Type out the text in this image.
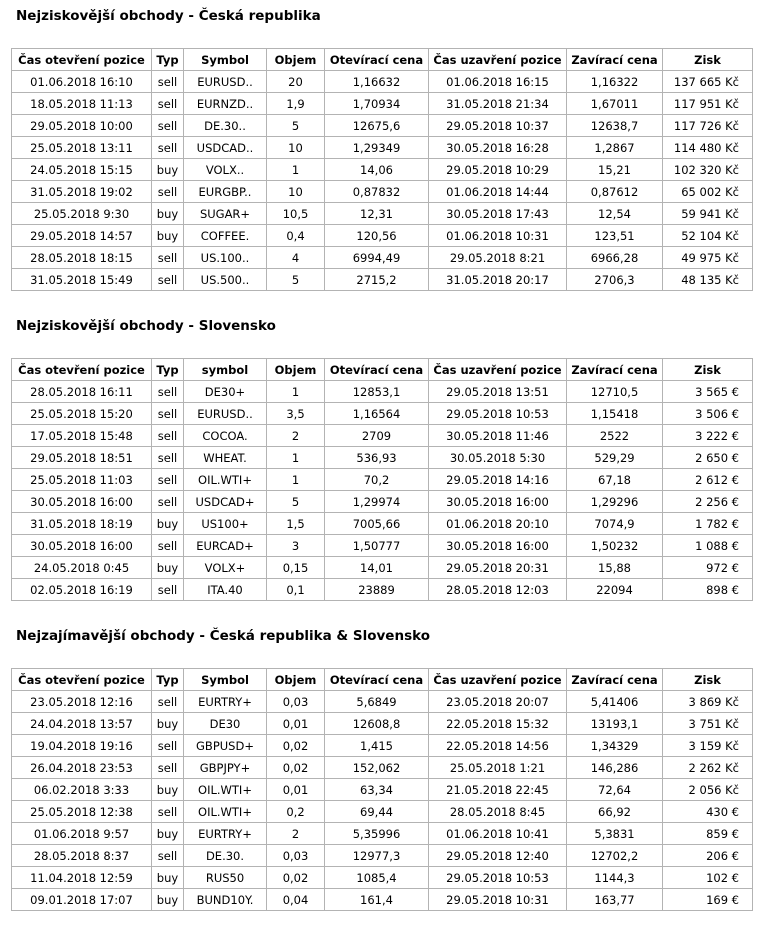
Nejziskovější obchody - Česká republika
Čas otevření pozice	Typ	Symbol	Objem	Otevírací cena	Čas uzavření pozice	Zavírací cena	Zisk
01.06.2018 16:10	sell	EURUSD..	20	1,16632	01.06.2018 16:15	1,16322	137 665 Kč
18.05.2018 11:13	sell	EURNZD..	1,9	1,70934	31.05.2018 21:34	1,67011	117 951 Kč
29.05.2018 10:00	sell	DE.30..	5	12675,6	29.05.2018 10:37	12638,7	117 726 Kč
25.05.2018 13:11	sell	USDCAD..	10	1,29349	30.05.2018 16:28	1,2867	114 480 Kč
24.05.2018 15:15	buy	VOLX..	1	14,06	29.05.2018 10:29	15,21	102 320 Kč
31.05.2018 19:02	sell	EURGBP..	10	0,87832	01.06.2018 14:44	0,87612	65 002 Kč
25.05.2018 9:30	buy	SUGAR+	10,5	12,31	30.05.2018 17:43	12,54	59 941 Kč
29.05.2018 14:57	buy	COFFEE.	0,4	120,56	01.06.2018 10:31	123,51	52 104 Kč
28.05.2018 18:15	sell	US.100..	4	6994,49	29.05.2018 8:21	6966,28	49 975 Kč
31.05.2018 15:49	sell	US.500..	5	2715,2	31.05.2018 20:17	2706,3	48 135 Kč
Nejziskovější obchody - Slovensko
Čas otevření pozice	Typ	symbol	Objem	Otevírací cena	Čas uzavření pozice	Zavírací cena	Zisk
28.05.2018 16:11	sell	DE30+	1	12853,1	29.05.2018 13:51	12710,5	3 565 €
25.05.2018 15:20	sell	EURUSD..	3,5	1,16564	29.05.2018 10:53	1,15418	3 506 €
17.05.2018 15:48	sell	COCOA.	2	2709	30.05.2018 11:46	2522	3 222 €
29.05.2018 18:51	sell	WHEAT.	1	536,93	30.05.2018 5:30	529,29	2 650 €
25.05.2018 11:03	sell	OIL.WTI+	1	70,2	29.05.2018 14:16	67,18	2 612 €
30.05.2018 16:00	sell	USDCAD+	5	1,29974	30.05.2018 16:00	1,29296	2 256 €
31.05.2018 18:19	buy	US100+	1,5	7005,66	01.06.2018 20:10	7074,9	1 782 €
30.05.2018 16:00	sell	EURCAD+	3	1,50777	30.05.2018 16:00	1,50232	1 088 €
24.05.2018 0:45	buy	VOLX+	0,15	14,01	29.05.2018 20:31	15,88	972 €
02.05.2018 16:19	sell	ITA.40	0,1	23889	28.05.2018 12:03	22094	898 €
Nejzajímavější obchody - Česká republika & Slovensko
Čas otevření pozice	Typ	Symbol	Objem	Otevírací cena	Čas uzavření pozice	Zavírací cena	Zisk
23.05.2018 12:16	sell	EURTRY+	0,03	5,6849	23.05.2018 20:07	5,41406	3 869 Kč
24.04.2018 13:57	buy	DE30	0,01	12608,8	22.05.2018 15:32	13193,1	3 751 Kč
19.04.2018 19:16	sell	GBPUSD+	0,02	1,415	22.05.2018 14:56	1,34329	3 159 Kč
26.04.2018 23:53	sell	GBPJPY+	0,02	152,062	25.05.2018 1:21	146,286	2 262 Kč
06.02.2018 3:33	buy	OIL.WTI+	0,01	63,34	21.05.2018 22:45	72,64	2 056 Kč
25.05.2018 12:38	sell	OIL.WTI+	0,2	69,44	28.05.2018 8:45	66,92	430 €
01.06.2018 9:57	buy	EURTRY+	2	5,35996	01.06.2018 10:41	5,3831	859 €
28.05.2018 8:37	sell	DE.30.	0,03	12977,3	29.05.2018 12:40	12702,2	206 €
11.04.2018 12:59	buy	RUS50	0,02	1085,4	29.05.2018 10:53	1144,3	102 €
09.01.2018 17:07	buy	BUND10Y.	0,04	161,4	29.05.2018 10:31	163,77	169 €
